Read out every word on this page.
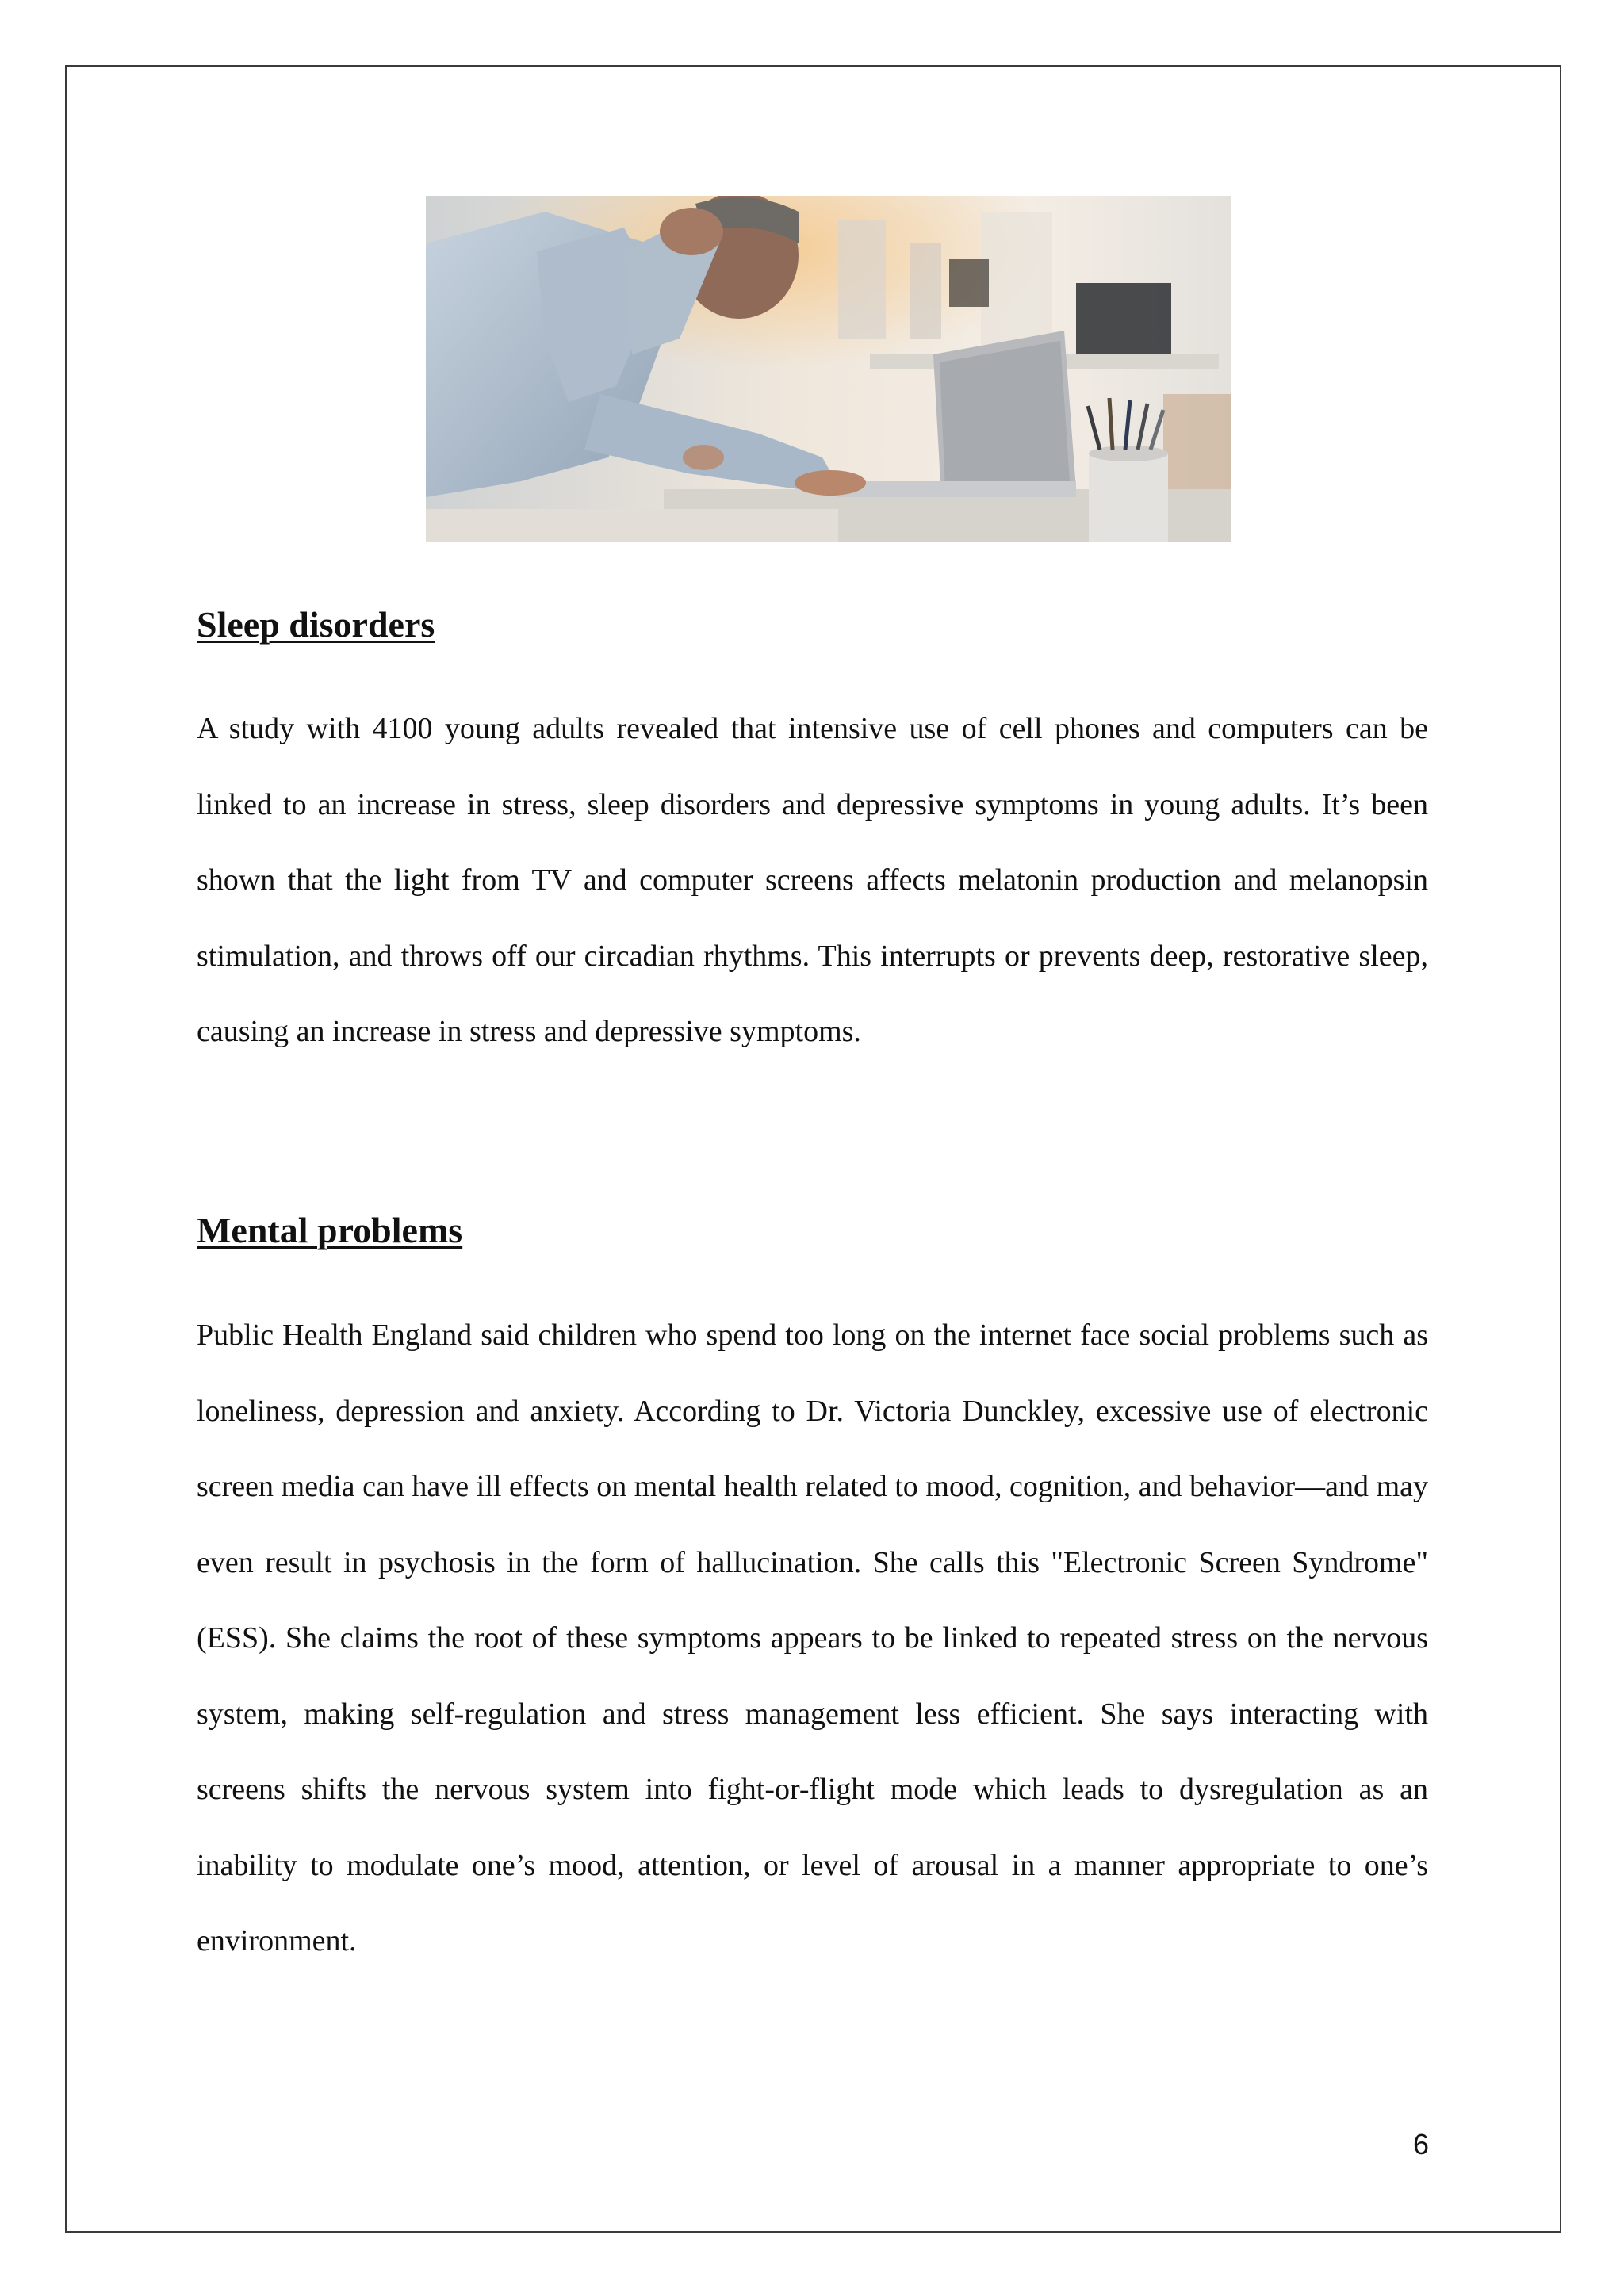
Sleep disorders
A study with 4100 young adults revealed that intensive use of cell phones and computers can be linked to an increase in stress, sleep disorders and depressive symptoms in young adults. It’s been shown that the light from TV and computer screens affects melatonin production and melanopsin stimulation, and throws off our circadian rhythms. This interrupts or prevents deep, restorative sleep, causing an increase in stress and depressive symptoms.
Mental problems
Public Health England said children who spend too long on the internet face social problems such as loneliness, depression and anxiety. According to Dr. Victoria Dunckley, excessive use of electronic screen media can have ill effects on mental health related to mood, cognition, and behavior—and may even result in psychosis in the form of hallucination. She calls this "Electronic Screen Syndrome" (ESS). She claims the root of these symptoms appears to be linked to repeated stress on the nervous system, making self-regulation and stress management less efficient. She says interacting with screens shifts the nervous system into fight-or-flight mode which leads to dysregulation as an inability to modulate one’s mood, attention, or level of arousal in a manner appropriate to one’s environment.
6
